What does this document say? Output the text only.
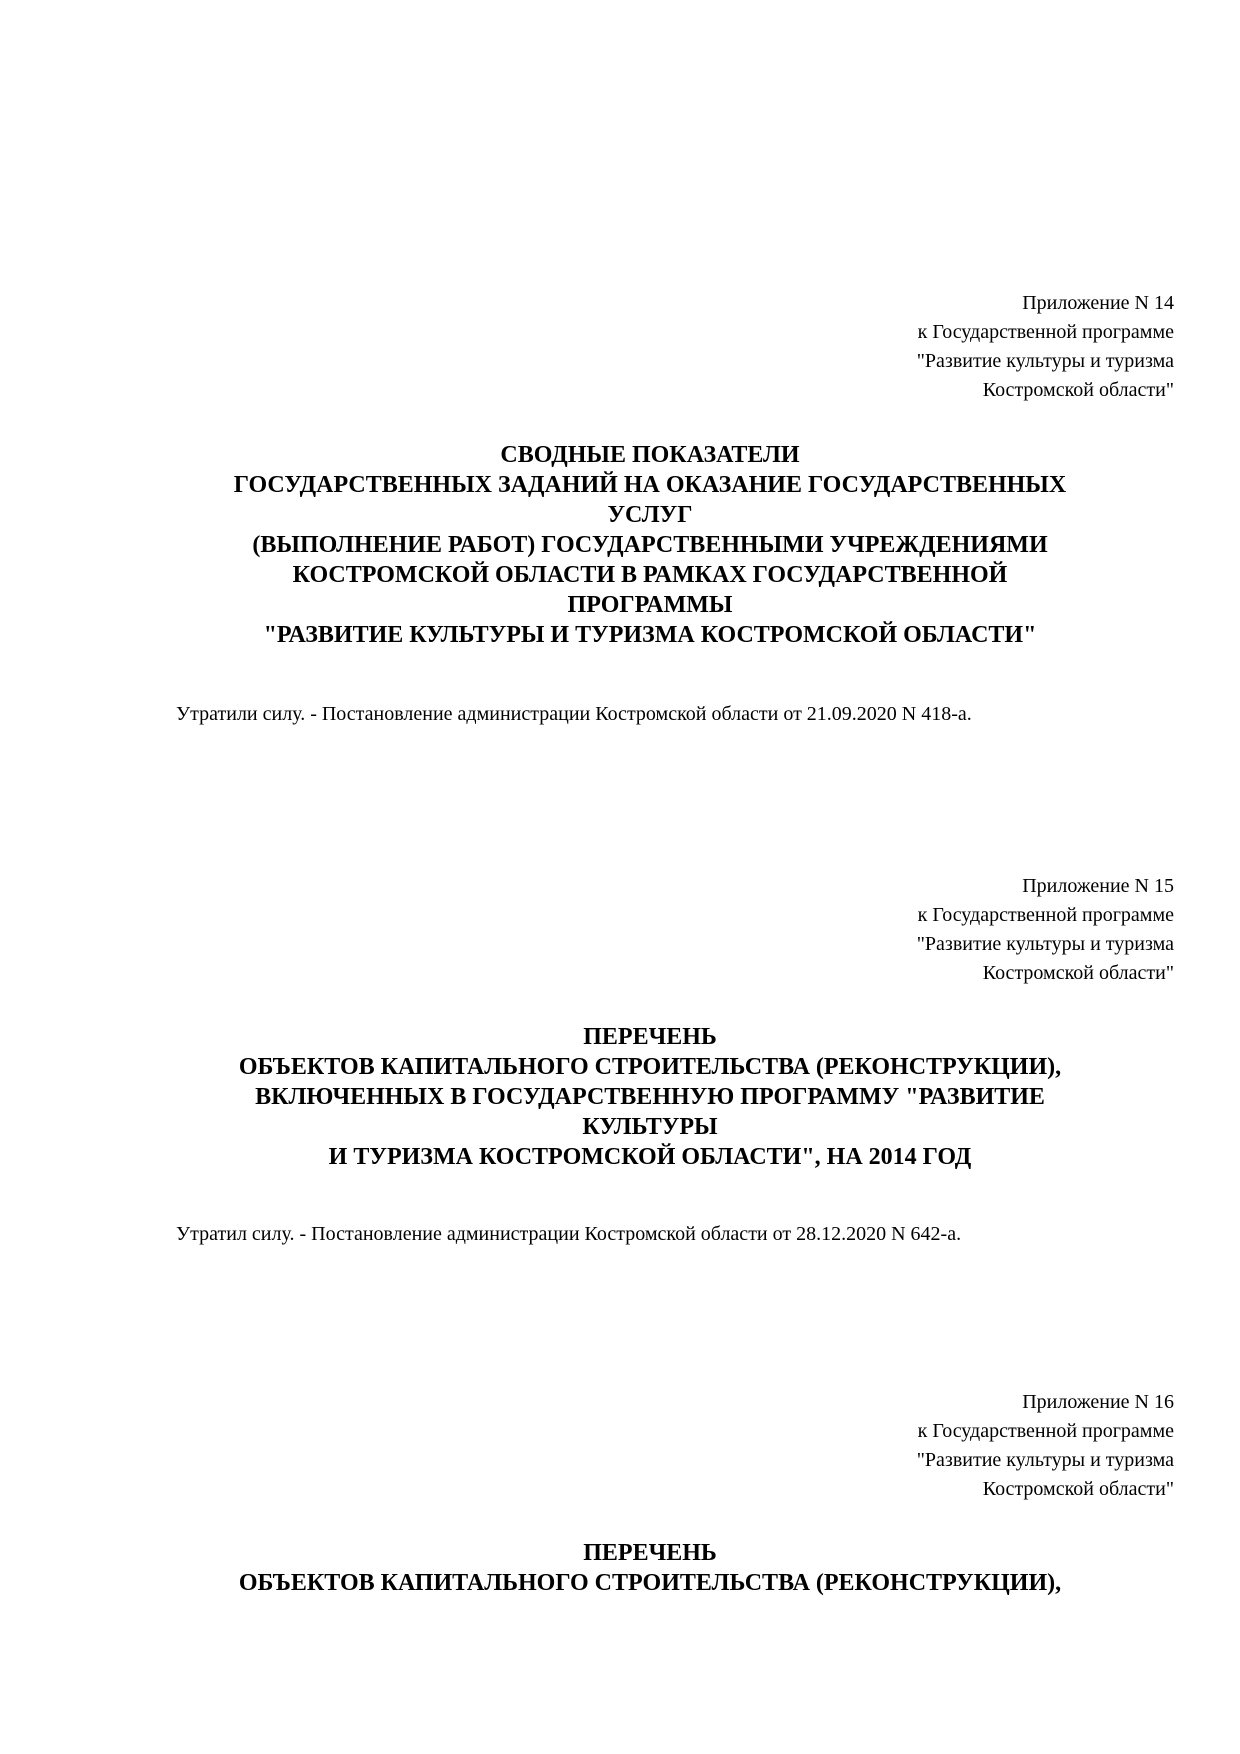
Приложение N 14
к Государственной программе
"Развитие культуры и туризма
Костромской области"
СВОДНЫЕ ПОКАЗАТЕЛИ
ГОСУДАРСТВЕННЫХ ЗАДАНИЙ НА ОКАЗАНИЕ ГОСУДАРСТВЕННЫХ
УСЛУГ
(ВЫПОЛНЕНИЕ РАБОТ) ГОСУДАРСТВЕННЫМИ УЧРЕЖДЕНИЯМИ
КОСТРОМСКОЙ ОБЛАСТИ В РАМКАХ ГОСУДАРСТВЕННОЙ
ПРОГРАММЫ
"РАЗВИТИЕ КУЛЬТУРЫ И ТУРИЗМА КОСТРОМСКОЙ ОБЛАСТИ"
Утратили силу. - Постановление администрации Костромской области от 21.09.2020 N 418-а.
Приложение N 15
к Государственной программе
"Развитие культуры и туризма
Костромской области"
ПЕРЕЧЕНЬ
ОБЪЕКТОВ КАПИТАЛЬНОГО СТРОИТЕЛЬСТВА (РЕКОНСТРУКЦИИ),
ВКЛЮЧЕННЫХ В ГОСУДАРСТВЕННУЮ ПРОГРАММУ "РАЗВИТИЕ
КУЛЬТУРЫ
И ТУРИЗМА КОСТРОМСКОЙ ОБЛАСТИ", НА 2014 ГОД
Утратил силу. - Постановление администрации Костромской области от 28.12.2020 N 642-а.
Приложение N 16
к Государственной программе
"Развитие культуры и туризма
Костромской области"
ПЕРЕЧЕНЬ
ОБЪЕКТОВ КАПИТАЛЬНОГО СТРОИТЕЛЬСТВА (РЕКОНСТРУКЦИИ),
